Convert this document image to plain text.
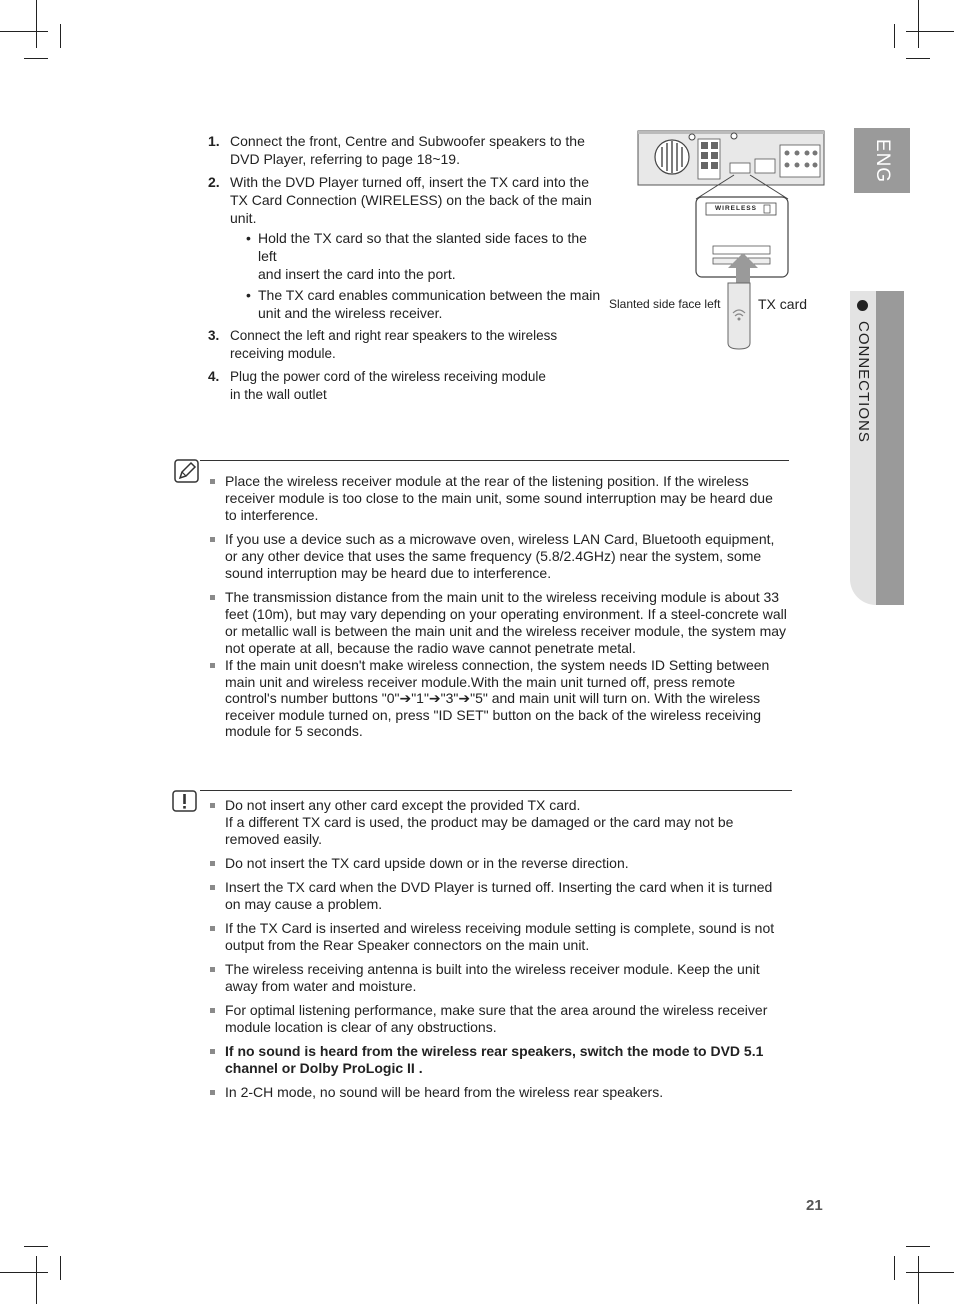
ENG
CONNECTIONS
1. Connect the front, Centre and Subwoofer speakers to the
DVD Player, referring to page 18~19.
2. With the DVD Player turned off, insert the TX card into the
TX Card Connection (WIRELESS) on the back of the main unit.
• Hold the TX card so that the slanted side faces to the left
and insert the card into the port.
• The TX card enables communication between the main
unit and the wireless receiver.
3. Connect the left and right rear speakers to the wireless
receiving module.
4. Plug the power cord of the wireless receiving module
in the wall outlet
WIRELESS
Slanted side face left	TX card
Place the wireless receiver module at the rear of the listening position. If the wireless
receiver module is too close to the main unit, some sound interruption may be heard due
to interference.
If you use a device such as a microwave oven, wireless LAN Card, Bluetooth equipment,
or any other device that uses the same frequency (5.8/2.4GHz) near the system, some
sound interruption may be heard due to interference.
The transmission distance from the main unit to the wireless receiving module is about 33
feet (10m), but may vary depending on your operating environment. If a steel-concrete wall
or metallic wall is between the main unit and the wireless receiver module, the system may
not operate at all, because the radio wave cannot penetrate metal.
If the main unit doesn't make wireless connection, the system needs ID Setting between
main unit and wireless receiver module.With the main unit turned off, press remote
control's number buttons "0"➔"1"➔"3"➔"5" and main unit will turn on. With the wireless
receiver module turned on, press "ID SET" button on the back of the wireless receiving
module for 5 seconds.
Do not insert any other card except the provided TX card.
If a different TX card is used, the product may be damaged or the card may not be
removed easily.
Do not insert the TX card upside down or in the reverse direction.
Insert the TX card when the DVD Player is turned off. Inserting the card when it is turned
on may cause a problem.
If the TX Card is inserted and wireless receiving module setting is complete, sound is not
output from the Rear Speaker connectors on the main unit.
The wireless receiving antenna is built into the wireless receiver module. Keep the unit
away from water and moisture.
For optimal listening performance, make sure that the area around the wireless receiver
module location is clear of any obstructions.
If no sound is heard from the wireless rear speakers, switch the mode to DVD 5.1
channel or Dolby ProLogic II .
In 2-CH mode, no sound will be heard from the wireless rear speakers.
21
